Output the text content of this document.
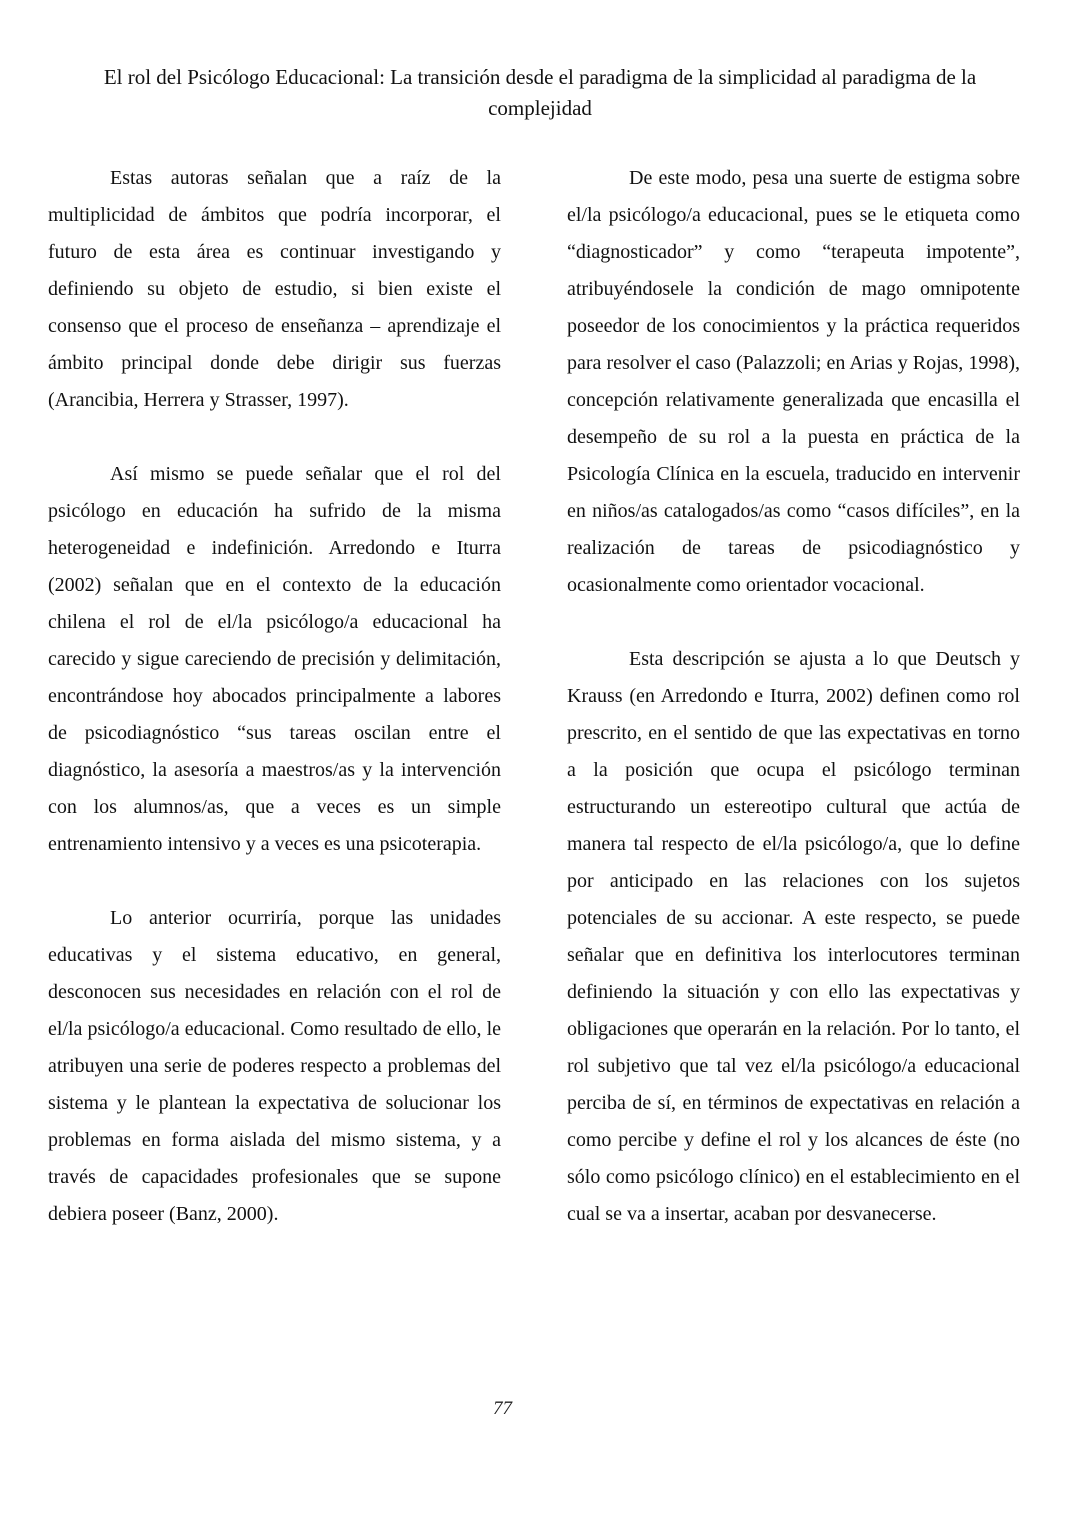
El rol del Psicólogo Educacional: La transición desde el paradigma de la simplicidad al paradigma de la complejidad

Estas autoras señalan que a raíz de la multiplicidad de ámbitos que podría incorporar, el futuro de esta área es continuar investigando y definiendo su objeto de estudio, si bien existe el consenso que el proceso de enseñanza – aprendizaje el ámbito principal donde debe dirigir sus fuerzas (Arancibia, Herrera y Strasser, 1997).

Así mismo se puede señalar que el rol del psicólogo en educación ha sufrido de la misma heterogeneidad e indefinición. Arredondo e Iturra (2002) señalan que en el contexto de la educación chilena el rol de el/la psicólogo/a educacional ha carecido y sigue careciendo de precisión y delimitación, encontrándose hoy abocados principalmente a labores de psicodiagnóstico “sus tareas oscilan entre el diagnóstico, la asesoría a maestros/as y la intervención con los alumnos/as, que a veces es un simple entrenamiento intensivo y a veces es una psicoterapia.

Lo anterior ocurriría, porque las unidades educativas y el sistema educativo, en general, desconocen sus necesidades en relación con el rol de el/la psicólogo/a educacional. Como resultado de ello, le atribuyen una serie de poderes respecto a problemas del sistema y le plantean la expectativa de solucionar los problemas en forma aislada del mismo sistema, y a través de capacidades profesionales que se supone debiera poseer (Banz, 2000).

De este modo, pesa una suerte de estigma sobre el/la psicólogo/a educacional, pues se le etiqueta como “diagnosticador” y como “terapeuta impotente”, atribuyéndosele la condición de mago omnipotente poseedor de los conocimientos y la práctica requeridos para resolver el caso (Palazzoli; en Arias y Rojas, 1998), concepción relativamente generalizada que encasilla el desempeño de su rol a la puesta en práctica de la Psicología Clínica en la escuela, traducido en intervenir en niños/as catalogados/as como “casos difíciles”, en la realización de tareas de psicodiagnóstico y ocasionalmente como orientador vocacional.

Esta descripción se ajusta a lo que Deutsch y Krauss (en Arredondo e Iturra, 2002) definen como rol prescrito, en el sentido de que las expectativas en torno a la posición que ocupa el psicólogo terminan estructurando un estereotipo cultural que actúa de manera tal respecto de el/la psicólogo/a, que lo define por anticipado en las relaciones con los sujetos potenciales de su accionar. A este respecto, se puede señalar que en definitiva los interlocutores terminan definiendo la situación y con ello las expectativas y obligaciones que operarán en la relación. Por lo tanto, el rol subjetivo que tal vez el/la psicólogo/a educacional perciba de sí, en términos de expectativas en relación a como percibe y define el rol y los alcances de éste (no sólo como psicólogo clínico) en el establecimiento en el cual se va a insertar, acaban por desvanecerse.

77
